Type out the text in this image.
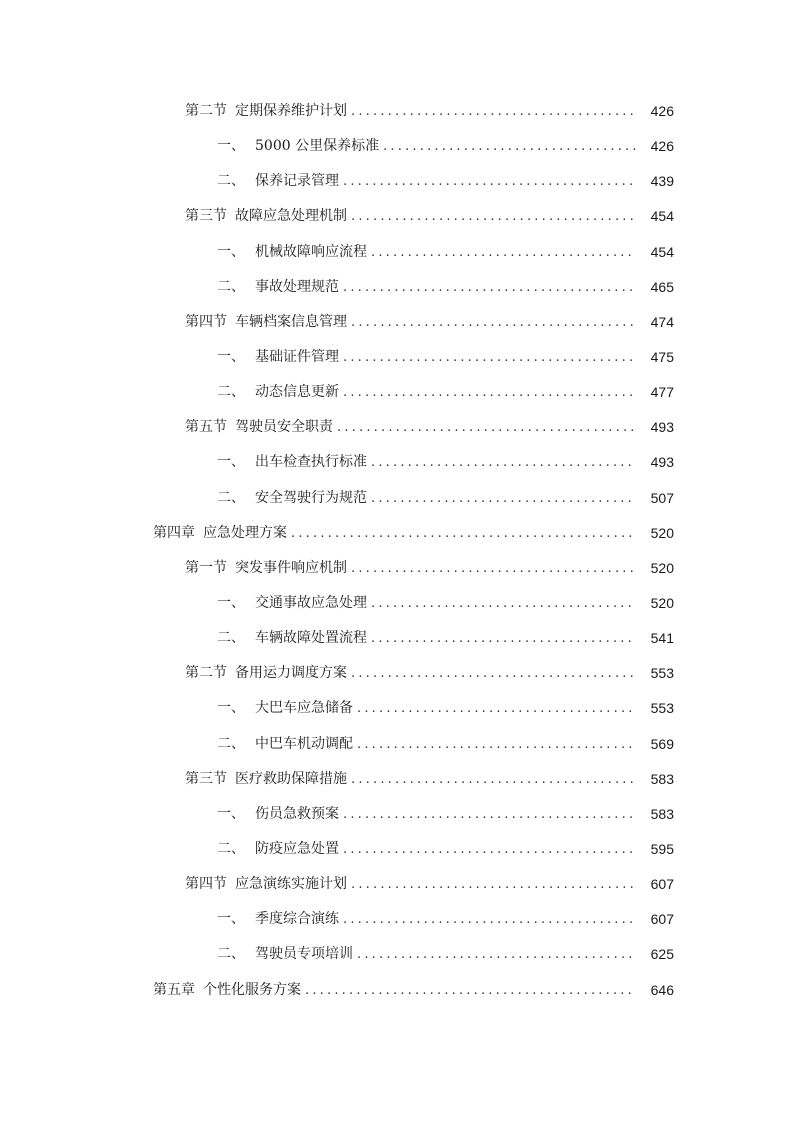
第二节 定期保养维护计划 .....	426
一、 5000 公里保养标准 .....	426
二、 保养记录管理 .....	439
第三节 故障应急处理机制 .....	454
一、 机械故障响应流程 .....	454
二、 事故处理规范 .....	465
第四节 车辆档案信息管理 .....	474
一、 基础证件管理 .....	475
二、 动态信息更新 .....	477
第五节 驾驶员安全职责 .....	493
一、 出车检查执行标准 .....	493
二、 安全驾驶行为规范 .....	507
第四章 应急处理方案 .....	520
第一节 突发事件响应机制 .....	520
一、 交通事故应急处理 .....	520
二、 车辆故障处置流程 .....	541
第二节 备用运力调度方案 .....	553
一、 大巴车应急储备 .....	553
二、 中巴车机动调配 .....	569
第三节 医疗救助保障措施 .....	583
一、 伤员急救预案 .....	583
二、 防疫应急处置 .....	595
第四节 应急演练实施计划 .....	607
一、 季度综合演练 .....	607
二、 驾驶员专项培训 .....	625
第五章 个性化服务方案 .....	646
